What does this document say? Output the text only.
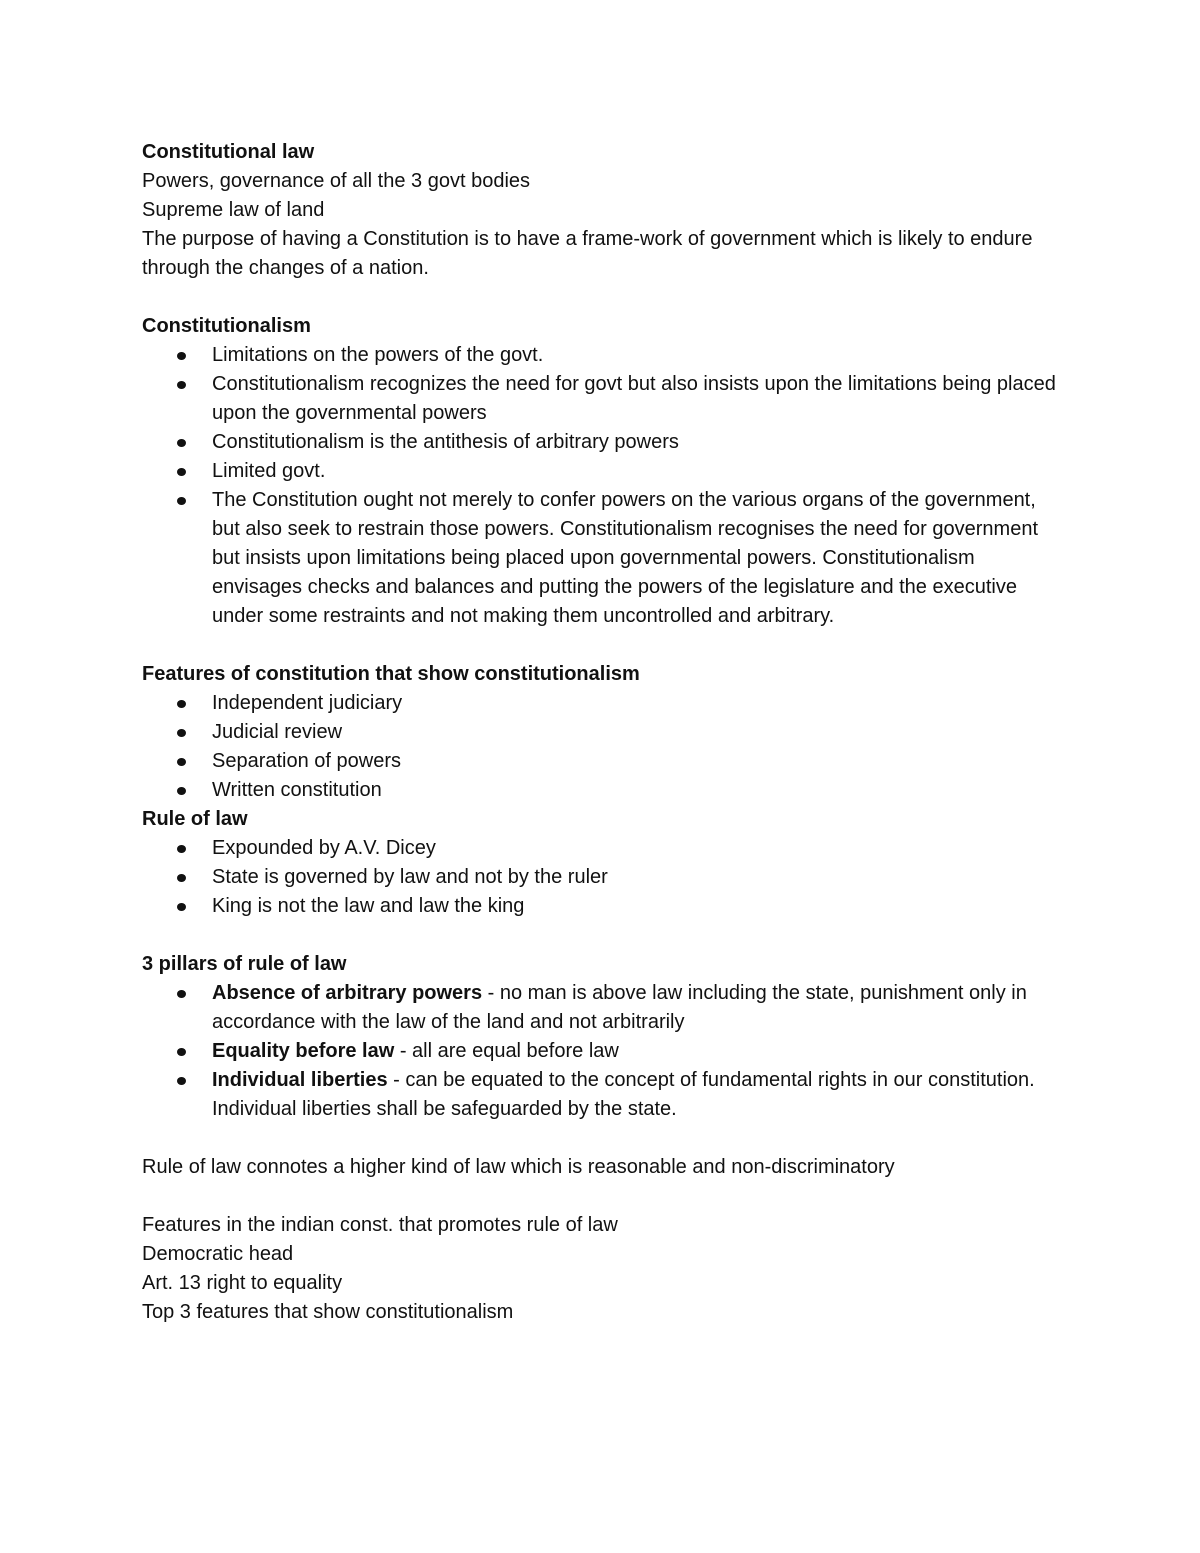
Constitutional law

Powers, governance of all the 3 govt bodies

Supreme law of land

The purpose of having a Constitution is to have a frame-work of government which is likely to endure through the changes of a nation.

Constitutionalism

Limitations on the powers of the govt.
Constitutionalism recognizes the need for govt but also insists upon the limitations being placed upon the governmental powers
Constitutionalism is the antithesis of arbitrary powers
Limited govt.
The Constitution ought not merely to confer powers on the various organs of the government, but also seek to restrain those powers. Constitutionalism recognises the need for government but insists upon limitations being placed upon governmental powers. Constitutionalism envisages checks and balances and putting the powers of the legislature and the executive under some restraints and not making them uncontrolled and arbitrary.

Features of constitution that show constitutionalism

Independent judiciary
Judicial review
Separation of powers
Written constitution

Rule of law

Expounded by A.V. Dicey
State is governed by law and not by the ruler
King is not the law and law the king

3 pillars of rule of law

Absence of arbitrary powers - no man is above law including the state, punishment only in accordance with the law of the land and not arbitrarily
Equality before law - all are equal before law
Individual liberties - can be equated to the concept of fundamental rights in our constitution. Individual liberties shall be safeguarded by the state.

Rule of law connotes a higher kind of law which is reasonable and non-discriminatory

Features in the indian const. that promotes rule of law

Democratic head

Art. 13 right to equality

Top 3 features that show constitutionalism
